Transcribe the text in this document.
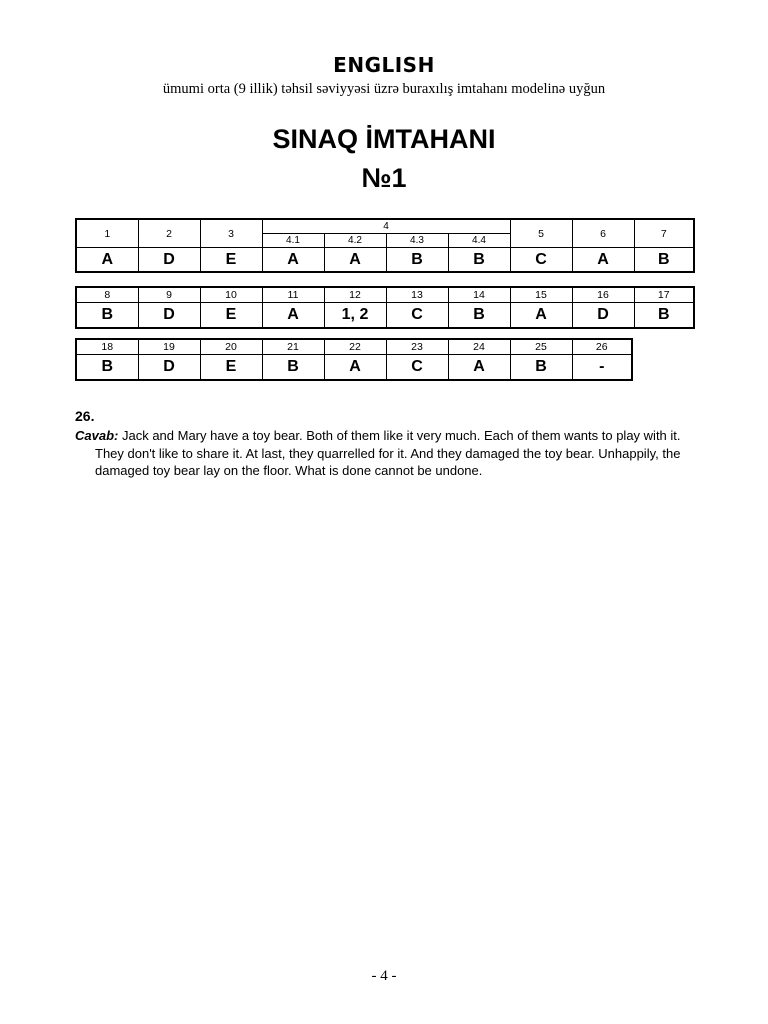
ENGLISH
ümumi orta (9 illik) təhsil səviyyəsi üzrə buraxılış imtahanı modelinə uyğun
SINAQ İMTAHANI
№1
1	2	3	4				5	6	7
			4.1	4.2	4.3	4.4			
A	D	E	A	A	B	B	C	A	B
8	9	10	11	12	13	14	15	16	17
B	D	E	A	1, 2	C	B	A	D	B
18	19	20	21	22	23	24	25	26
B	D	E	B	A	C	A	B	-
26.
Cavab: Jack and Mary have a toy bear. Both of them like it very much. Each of them wants to play with it. They don't like to share it. At last, they quarrelled for it. And they damaged the toy bear. Unhappily, the damaged toy bear lay on the floor. What is done cannot be undone.
- 4 -
